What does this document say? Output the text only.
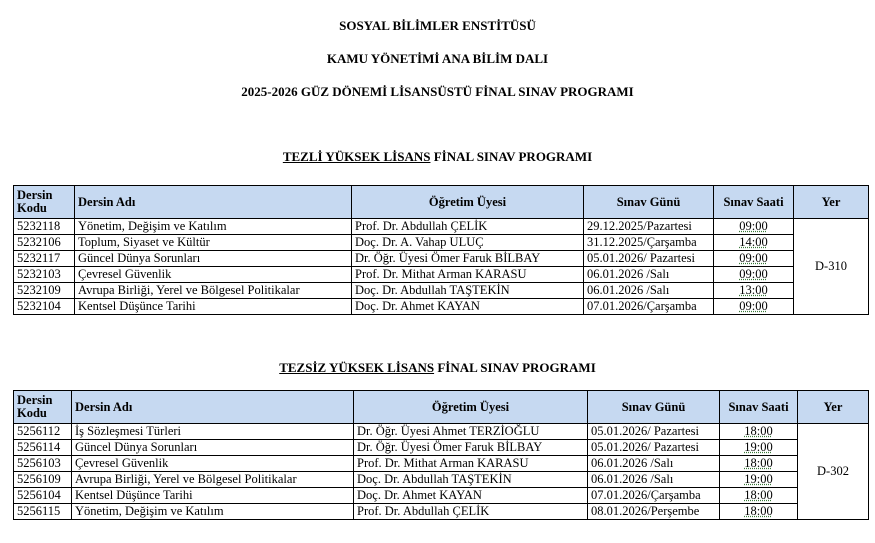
SOSYAL BİLİMLER ENSTİTÜSÜ
KAMU YÖNETİMİ ANA BİLİM DALI
2025-2026 GÜZ DÖNEMİ LİSANSÜSTÜ FİNAL SINAV PROGRAMI
TEZLİ YÜKSEK LİSANS FİNAL SINAV PROGRAMI
Dersin Kodu	Dersin Adı	Öğretim Üyesi	Sınav Günü	Sınav Saati	Yer
5232118	Yönetim, Değişim ve Katılım	Prof. Dr. Abdullah ÇELİK	29.12.2025/Pazartesi	09:00	D-310
5232106	Toplum, Siyaset ve Kültür	Doç. Dr. A. Vahap ULUÇ	31.12.2025/Çarşamba	14:00	
5232117	Güncel Dünya Sorunları	Dr. Öğr. Üyesi Ömer Faruk BİLBAY	05.01.2026/ Pazartesi	09:00	
5232103	Çevresel Güvenlik	Prof. Dr. Mithat Arman KARASU	06.01.2026 /Salı	09:00	
5232109	Avrupa Birliği, Yerel ve Bölgesel Politikalar	Doç. Dr. Abdullah TAŞTEKİN	06.01.2026 /Salı	13:00	
5232104	Kentsel Düşünce Tarihi	Doç. Dr. Ahmet KAYAN	07.01.2026/Çarşamba	09:00	
TEZSİZ YÜKSEK LİSANS FİNAL SINAV PROGRAMI
Dersin Kodu	Dersin Adı	Öğretim Üyesi	Sınav Günü	Sınav Saati	Yer
5256112	İş Sözleşmesi Türleri	Dr. Öğr. Üyesi Ahmet TERZİOĞLU	05.01.2026/ Pazartesi	18:00	D-302
5256114	Güncel Dünya Sorunları	Dr. Öğr. Üyesi Ömer Faruk BİLBAY	05.01.2026/ Pazartesi	19:00	
5256103	Çevresel Güvenlik	Prof. Dr. Mithat Arman KARASU	06.01.2026 /Salı	18:00	
5256109	Avrupa Birliği, Yerel ve Bölgesel Politikalar	Doç. Dr. Abdullah TAŞTEKİN	06.01.2026 /Salı	19:00	
5256104	Kentsel Düşünce Tarihi	Doç. Dr. Ahmet KAYAN	07.01.2026/Çarşamba	18:00	
5256115	Yönetim, Değişim ve Katılım	Prof. Dr. Abdullah ÇELİK	08.01.2026/Perşembe	18:00	
